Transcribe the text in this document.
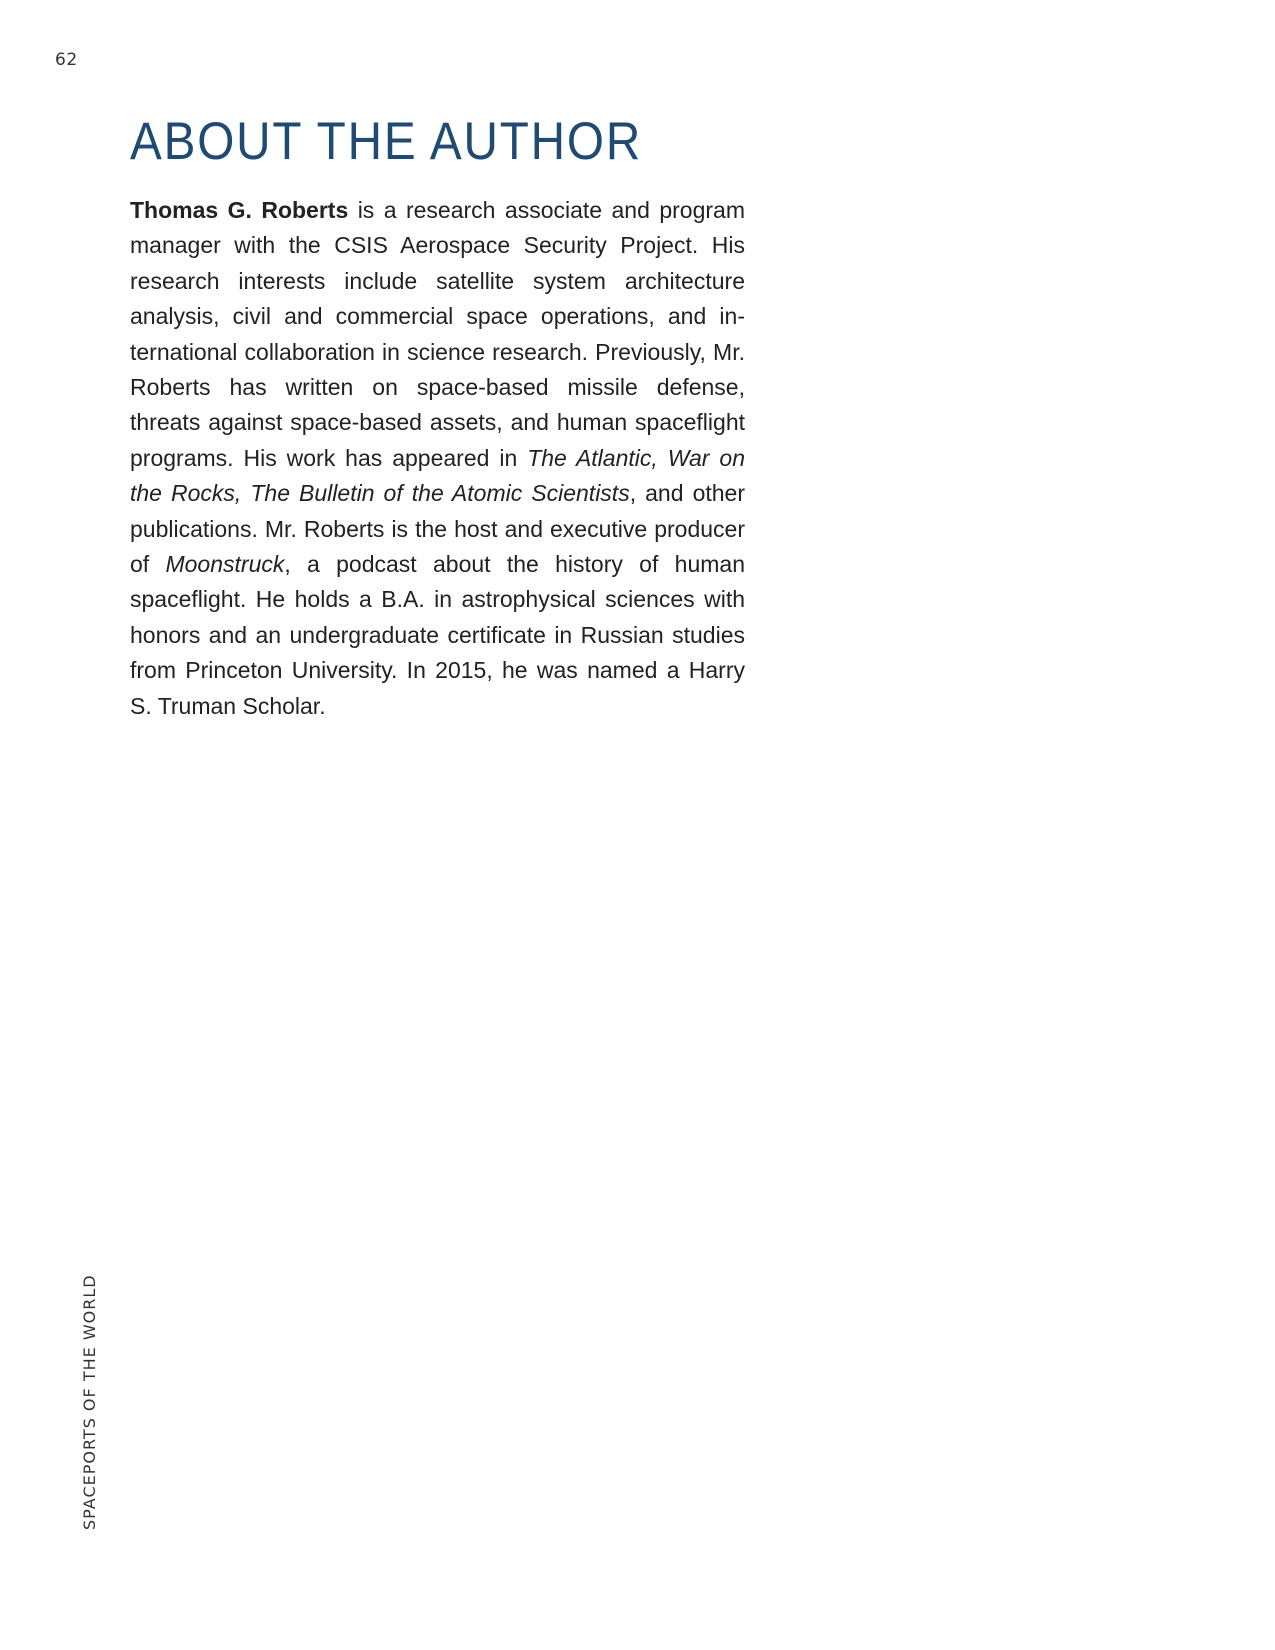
62
ABOUT THE AUTHOR

Thomas G. Roberts is a research associate and program manager with the CSIS Aerospace Security Project. His research interests include satellite system architecture analysis, civil and commercial space operations, and international collaboration in science research. Previously, Mr. Roberts has written on space-based missile defense, threats against space-based assets, and human spaceflight programs. His work has appeared in The Atlantic, War on the Rocks, The Bulletin of the Atomic Scientists, and other publications. Mr. Roberts is the host and executive producer of Moonstruck, a podcast about the history of human spaceflight. He holds a B.A. in astrophysical sciences with honors and an undergraduate certificate in Russian studies from Princeton University. In 2015, he was named a Harry S. Truman Scholar.

SPACEPORTS OF THE WORLD
